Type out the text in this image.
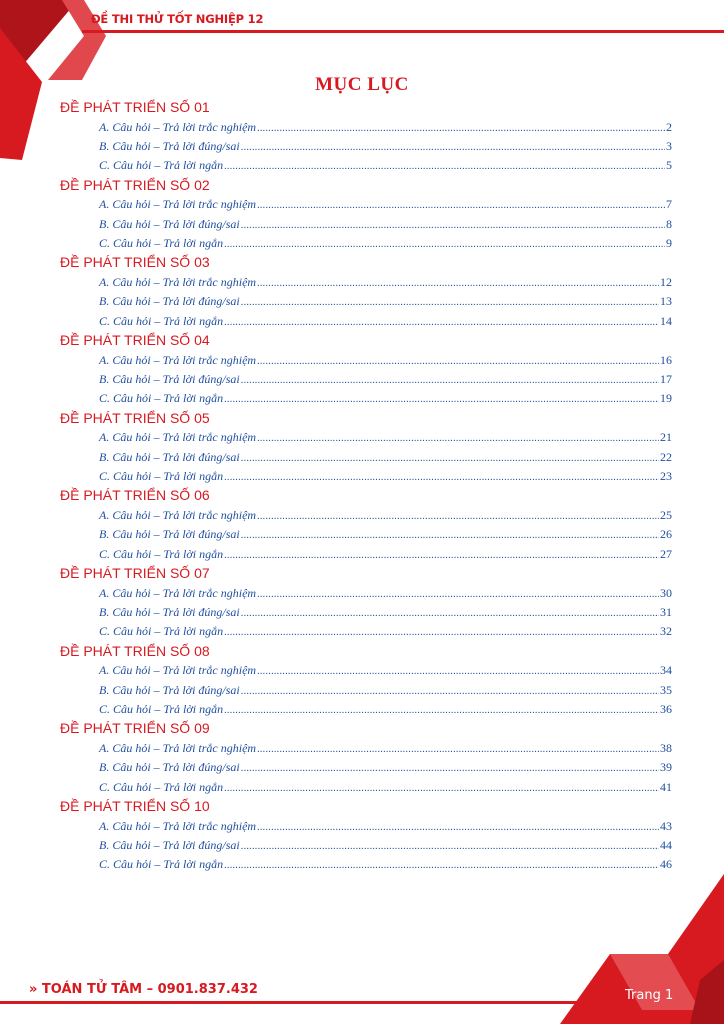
ĐỀ THI THỬ TỐT NGHIỆP 12
MỤC LỤC
ĐỀ PHÁT TRIỂN SỐ 01
A. Câu hỏi – Trả lời trắc nghiệm .....	2
B. Câu hỏi – Trả lời đúng/sai .....	3
C. Câu hỏi – Trả lời ngắn .....	5
ĐỀ PHÁT TRIỂN SỐ 02
A. Câu hỏi – Trả lời trắc nghiệm .....	7
B. Câu hỏi – Trả lời đúng/sai .....	8
C. Câu hỏi – Trả lời ngắn .....	9
ĐỀ PHÁT TRIỂN SỐ 03
A. Câu hỏi – Trả lời trắc nghiệm .....	12
B. Câu hỏi – Trả lời đúng/sai .....	13
C. Câu hỏi – Trả lời ngắn .....	14
ĐỀ PHÁT TRIỂN SỐ 04
A. Câu hỏi – Trả lời trắc nghiệm .....	16
B. Câu hỏi – Trả lời đúng/sai .....	17
C. Câu hỏi – Trả lời ngắn .....	19
ĐỀ PHÁT TRIỂN SỐ 05
A. Câu hỏi – Trả lời trắc nghiệm .....	21
B. Câu hỏi – Trả lời đúng/sai .....	22
C. Câu hỏi – Trả lời ngắn .....	23
ĐỀ PHÁT TRIỂN SỐ 06
A. Câu hỏi – Trả lời trắc nghiệm .....	25
B. Câu hỏi – Trả lời đúng/sai .....	26
C. Câu hỏi – Trả lời ngắn .....	27
ĐỀ PHÁT TRIỂN SỐ 07
A. Câu hỏi – Trả lời trắc nghiệm .....	30
B. Câu hỏi – Trả lời đúng/sai .....	31
C. Câu hỏi – Trả lời ngắn .....	32
ĐỀ PHÁT TRIỂN SỐ 08
A. Câu hỏi – Trả lời trắc nghiệm .....	34
B. Câu hỏi – Trả lời đúng/sai .....	35
C. Câu hỏi – Trả lời ngắn .....	36
ĐỀ PHÁT TRIỂN SỐ 09
A. Câu hỏi – Trả lời trắc nghiệm .....	38
B. Câu hỏi – Trả lời đúng/sai .....	39
C. Câu hỏi – Trả lời ngắn .....	41
ĐỀ PHÁT TRIỂN SỐ 10
A. Câu hỏi – Trả lời trắc nghiệm .....	43
B. Câu hỏi – Trả lời đúng/sai .....	44
C. Câu hỏi – Trả lời ngắn .....	46
» TOÁN TỬ TÂM – 0901.837.432	Trang 1
